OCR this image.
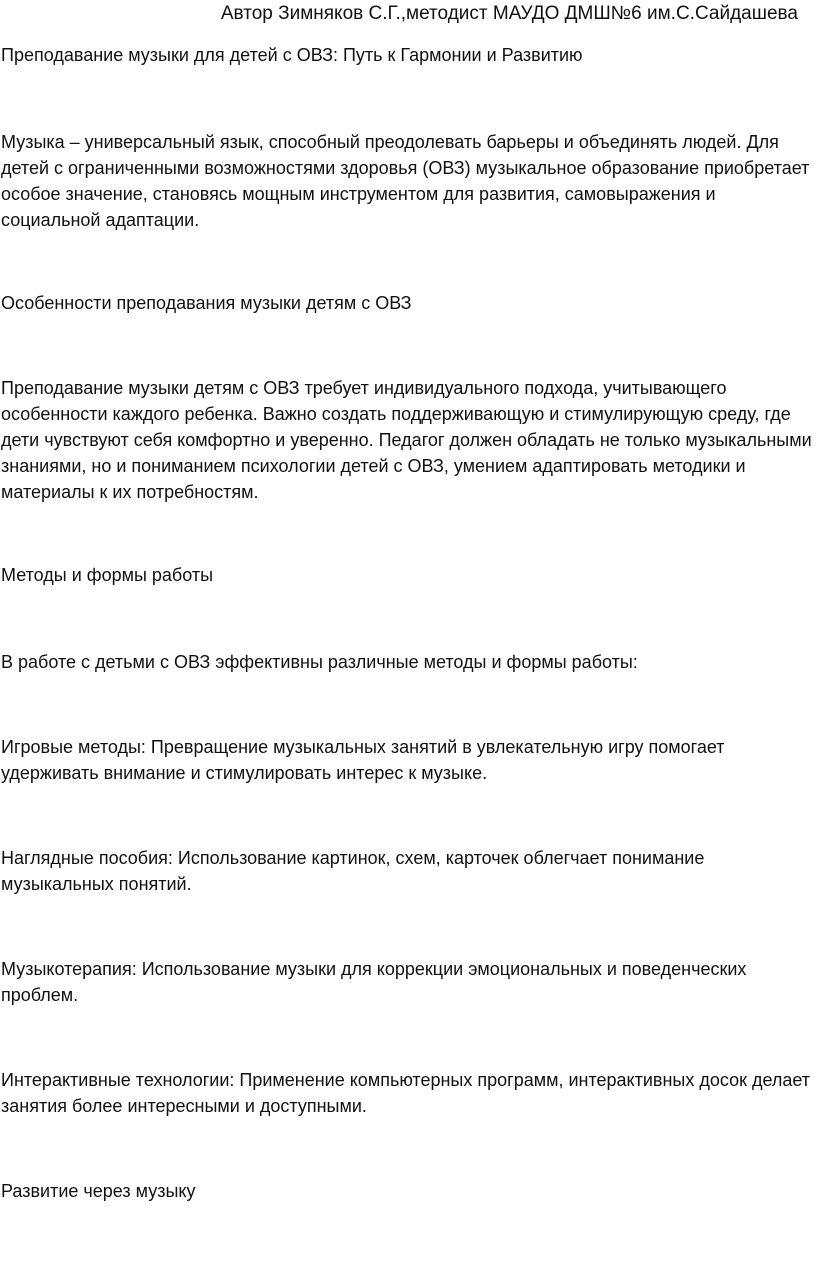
Автор Зимняков С.Г.,методист МАУДО ДМШ№6 им.С.Сайдашева

Преподавание музыки для детей с ОВЗ: Путь к Гармонии и Развитию

Музыка – универсальный язык, способный преодолевать барьеры и объединять людей. Для детей с ограниченными возможностями здоровья (ОВЗ) музыкальное образование приобретает особое значение, становясь мощным инструментом для развития, самовыражения и социальной адаптации.

Особенности преподавания музыки детям с ОВЗ

Преподавание музыки детям с ОВЗ требует индивидуального подхода, учитывающего особенности каждого ребенка. Важно создать поддерживающую и стимулирующую среду, где дети чувствуют себя комфортно и уверенно. Педагог должен обладать не только музыкальными знаниями, но и пониманием психологии детей с ОВЗ, умением адаптировать методики и материалы к их потребностям.

Методы и формы работы

В работе с детьми с ОВЗ эффективны различные методы и формы работы:

Игровые методы: Превращение музыкальных занятий в увлекательную игру помогает удерживать внимание и стимулировать интерес к музыке.

Наглядные пособия: Использование картинок, схем, карточек облегчает понимание музыкальных понятий.

Музыкотерапия: Использование музыки для коррекции эмоциональных и поведенческих проблем.

Интерактивные технологии: Применение компьютерных программ, интерактивных досок делает занятия более интересными и доступными.

Развитие через музыку
